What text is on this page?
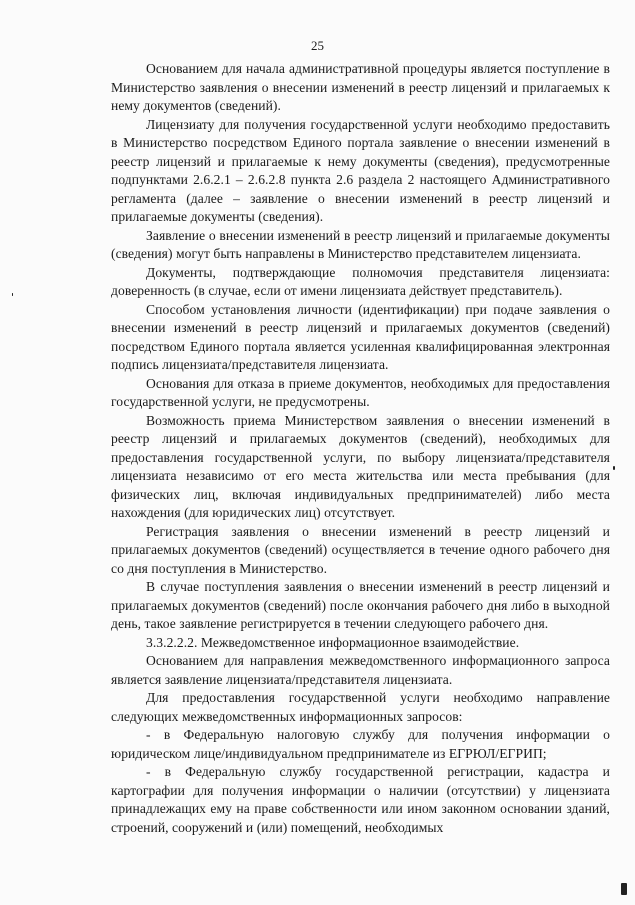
25

Основанием для начала административной процедуры является поступление в Министерство заявления о внесении изменений в реестр лицензий и прилагаемых к нему документов (сведений).

Лицензиату для получения государственной услуги необходимо предоставить в Министерство посредством Единого портала заявление о внесении изменений в реестр лицензий и прилагаемые к нему документы (сведения), предусмотренные подпунктами 2.6.2.1 – 2.6.2.8 пункта 2.6 раздела 2 настоящего Административного регламента (далее – заявление о внесении изменений в реестр лицензий и прилагаемые документы (сведения).

Заявление о внесении изменений в реестр лицензий и прилагаемые документы (сведения) могут быть направлены в Министерство представителем лицензиата.

Документы, подтверждающие полномочия представителя лицензиата: доверенность (в случае, если от имени лицензиата действует представитель).

Способом установления личности (идентификации) при подаче заявления о внесении изменений в реестр лицензий и прилагаемых документов (сведений) посредством Единого портала является усиленная квалифицированная электронная подпись лицензиата/представителя лицензиата.

Основания для отказа в приеме документов, необходимых для предоставления государственной услуги, не предусмотрены.

Возможность приема Министерством заявления о внесении изменений в реестр лицензий и прилагаемых документов (сведений), необходимых для предоставления государственной услуги, по выбору лицензиата/представителя лицензиата независимо от его места жительства или места пребывания (для физических лиц, включая индивидуальных предпринимателей) либо места нахождения (для юридических лиц) отсутствует.

Регистрация заявления о внесении изменений в реестр лицензий и прилагаемых документов (сведений) осуществляется в течение одного рабочего дня со дня поступления в Министерство.

В случае поступления заявления о внесении изменений в реестр лицензий и прилагаемых документов (сведений) после окончания рабочего дня либо в выходной день, такое заявление регистрируется в течении следующего рабочего дня.

3.3.2.2.2. Межведомственное информационное взаимодействие.

Основанием для направления межведомственного информационного запроса является заявление лицензиата/представителя лицензиата.

Для предоставления государственной услуги необходимо направление следующих межведомственных информационных запросов:

- в Федеральную налоговую службу для получения информации о юридическом лице/индивидуальном предпринимателе из ЕГРЮЛ/ЕГРИП;

- в Федеральную службу государственной регистрации, кадастра и картографии для получения информации о наличии (отсутствии) у лицензиата принадлежащих ему на праве собственности или ином законном основании зданий, строений, сооружений и (или) помещений, необходимых
